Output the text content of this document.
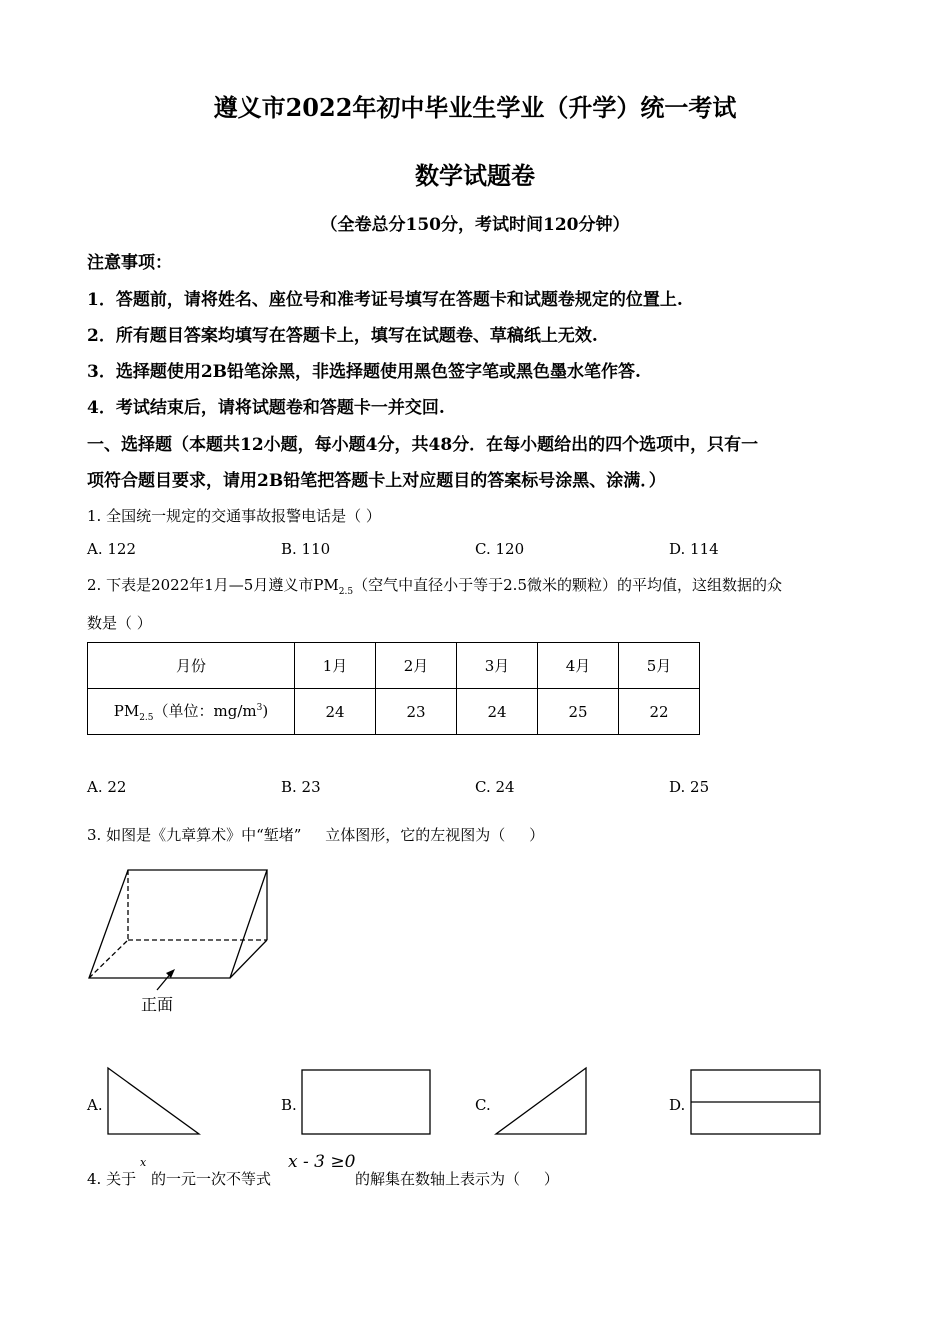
遵义市2022年初中毕业生学业（升学）统一考试
数学试题卷
（全卷总分150分，考试时间120分钟）
注意事项：
1．答题前，请将姓名、座位号和准考证号填写在答题卡和试题卷规定的位置上.
2．所有题目答案均填写在答题卡上，填写在试题卷、草稿纸上无效.
3．选择题使用2B铅笔涂黑，非选择题使用黑色签字笔或黑色墨水笔作答.
4．考试结束后，请将试题卷和答题卡一并交回.
一、选择题（本题共12小题，每小题4分，共48分．在每小题给出的四个选项中，只有一
项符合题目要求，请用2B铅笔把答题卡上对应题目的答案标号涂黑、涂满．）
1. 全国统一规定的交通事故报警电话是（ ）
A. 122	B. 110	C. 120	D. 114
2. 下表是2022年1月—5月遵义市$PM_{2.5}$（空气中直径小于等于2.5微米的颗粒）的平均值，这组数据的众
数是（ ）
月份	1月	2月	3月	4月	5月
$PM_{2.5}$（单位：$mg/m^3$)	24	23	24	25	22
A. 22	B. 23	C. 24	D. 25
3. 如图是《九章算术》中“堑堵”     立体图形，它的左视图为（     ）
正面
A.	B.	C.	D.
4. 关于
x
的一元一次不等式
x - 3 ≥0
的解集在数轴上表示为（     ）
